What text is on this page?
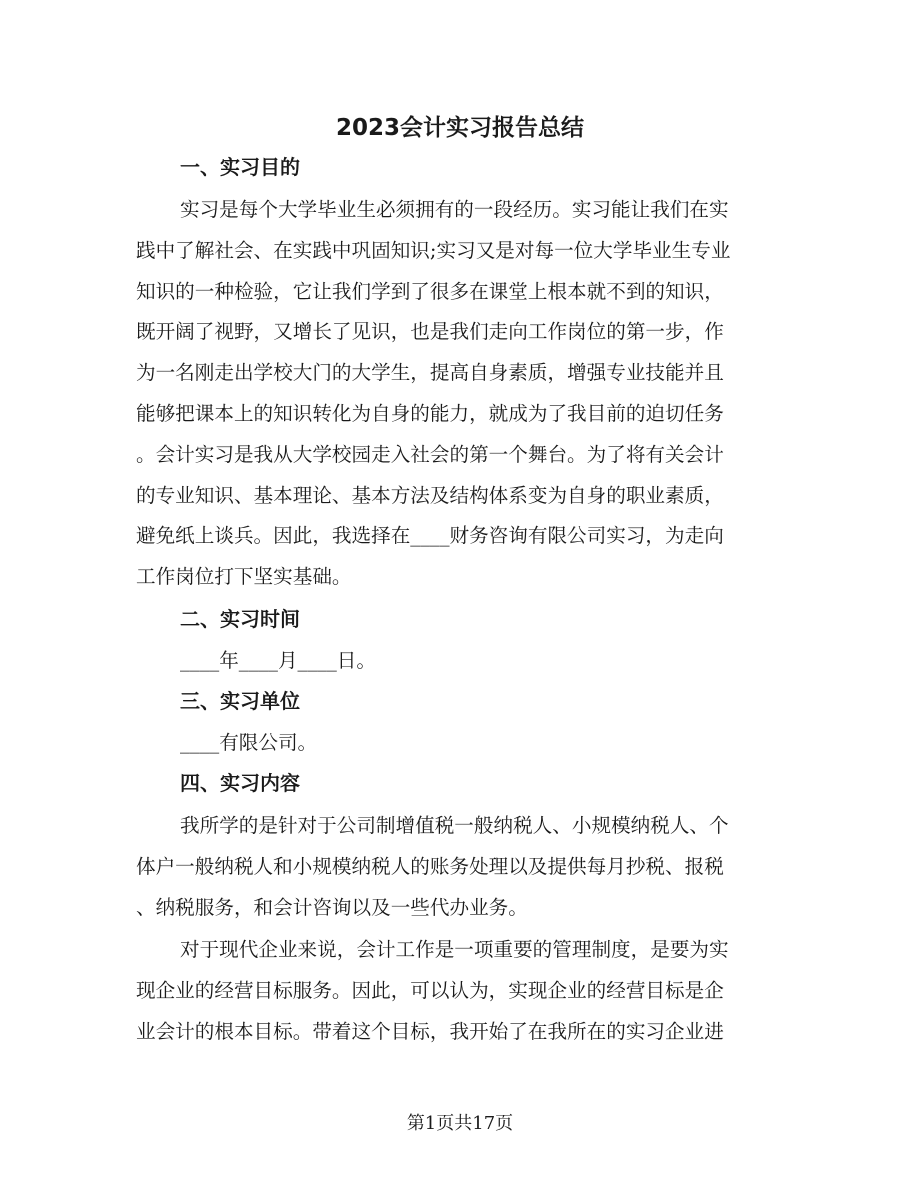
2023会计实习报告总结
一、实习目的
实习是每个大学毕业生必须拥有的一段经历。实习能让我们在实
践中了解社会、在实践中巩固知识;实习又是对每一位大学毕业生专业
知识的一种检验，它让我们学到了很多在课堂上根本就不到的知识，
既开阔了视野，又增长了见识，也是我们走向工作岗位的第一步，作
为一名刚走出学校大门的大学生，提高自身素质，增强专业技能并且
能够把课本上的知识转化为自身的能力，就成为了我目前的迫切任务
。会计实习是我从大学校园走入社会的第一个舞台。为了将有关会计
的专业知识、基本理论、基本方法及结构体系变为自身的职业素质，
避免纸上谈兵。因此，我选择在____财务咨询有限公司实习，为走向
工作岗位打下坚实基础。
二、实习时间
____年____月____日。
三、实习单位
____有限公司。
四、实习内容
我所学的是针对于公司制增值税一般纳税人、小规模纳税人、个
体户一般纳税人和小规模纳税人的账务处理以及提供每月抄税、报税
、纳税服务，和会计咨询以及一些代办业务。
对于现代企业来说，会计工作是一项重要的管理制度，是要为实
现企业的经营目标服务。因此，可以认为，实现企业的经营目标是企
业会计的根本目标。带着这个目标，我开始了在我所在的实习企业进
第1页共17页
